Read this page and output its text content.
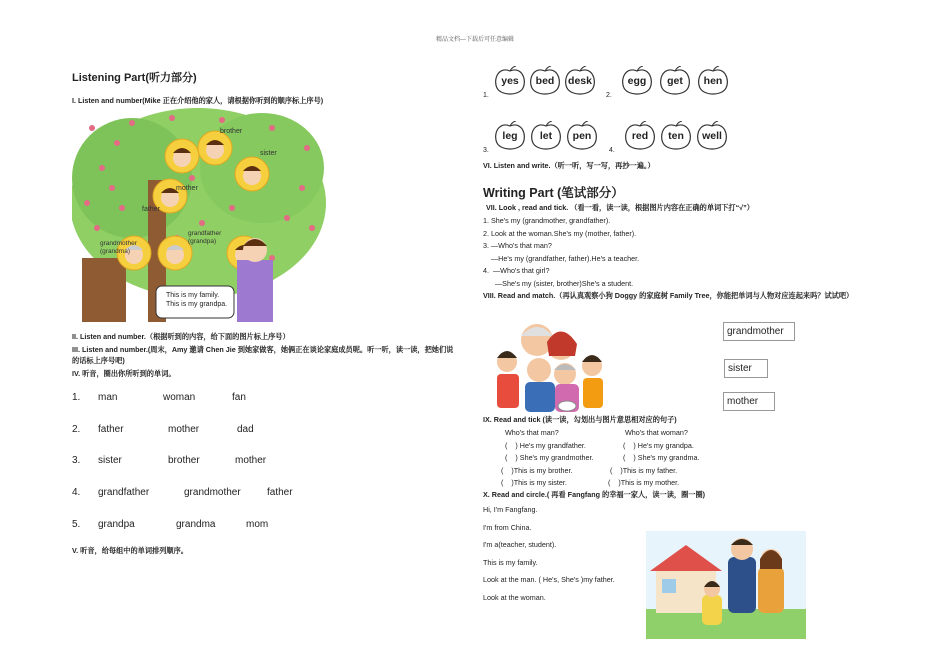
精品文档---下载后可任意编辑
Listening Part(听力部分)
I. Listen and number(Mike 正在介绍他的家人，请根据你听到的顺序标上序号)
brother
sister
mother
father
grandmother
(grandma)
grandfather
(grandpa)
This is my family.
This is my grandpa.
II. Listen and number.（根据听到的内容，给下面的图片标上序号）
III. Listen and number.(周末，Amy 邀请 Chen Jie 到她家做客，她俩正在谈论家庭成员呢。听一听，读一读，把她们说的话标上序号吧)
IV. 听音，圈出你所听到的单词。
1.	man	woman	fan
2.	father	mother	dad
3.	sister	brother	mother
4.	grandfather	grandmother	father
5.	grandpa	grandma	mom
V. 听音，给每组中的单词排列顺序。
1.
yes	bed	desk
2.
egg	get	hen
3.
leg	let	pen
4.
red	ten	well
VI. Listen and write.（听一听，写一写，再抄一遍。）
Writing Part (笔试部分）
VII. Look , read and tick. （看一看，读一读，根据图片内容在正确的单词下打“√”）
1. She's my (grandmother, grandfather).
2. Look at the woman.She's my (mother, father).
3. —Who's that man?
—He's my (grandfather, father).He's a teacher.
4.  —Who's that girl?
—She's my (sister, brother)She's a student.
VIII. Read and match.（再认真观察小狗 Doggy 的家庭树 Family Tree，你能把单词与人物对应连起来吗？试试吧）
grandmother
sister
mother
IX. Read and tick (读一读，勾划出与图片意思相对应的句子)
Who's that man?	Who's that woman?
(    ) He's my grandfather.	(    ) He's my grandpa.
(    ) She's my grandmother.	(    ) She's my grandma.
(    )This is my brother.	(    )This is my father.
(    )This is my sister.	(    )This is my mother.
X. Read and circle.( 再看 Fangfang 的幸福一家人，读一读，圈一圈)
Hi, I'm Fangfang.
I'm from China.
I'm a(teacher, student).
This is my family.
Look at the man. ( He's, She's )my father.
Look at the woman.
